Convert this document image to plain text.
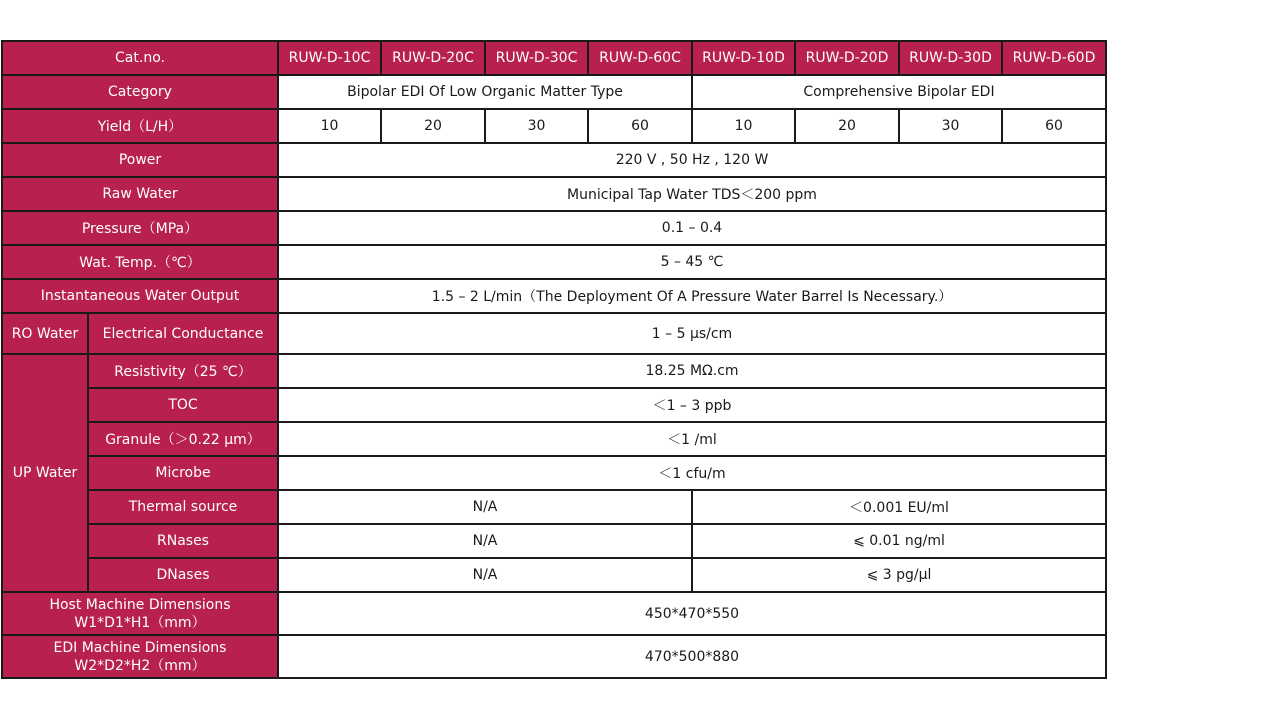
Cat.no.		RUW-D-10C	RUW-D-20C	RUW-D-30C	RUW-D-60C	RUW-D-10D	RUW-D-20D	RUW-D-30D	RUW-D-60D
Category		Bipolar EDI Of Low Organic Matter Type				Comprehensive Bipolar EDI			
Yield（L/H）		10	20	30	60	10	20	30	60
Power		220 V , 50 Hz , 120 W							
Raw Water		Municipal Tap Water TDS＜200 ppm							
Pressure（MPa）		0.1 – 0.4							
Wat. Temp.（℃）		5 – 45 ℃							
Instantaneous Water Output		1.5 – 2 L/min（The Deployment Of A Pressure Water Barrel Is Necessary.）							
RO Water	Electrical Conductance	1 – 5 μs/cm							
UP Water	Resistivity（25 ℃）	18.25 MΩ.cm							
	TOC	＜1 – 3 ppb							
	Granule（＞0.22 μm）	＜1 /ml							
	Microbe	＜1 cfu/m							
	Thermal source	N/A				＜0.001 EU/ml			
	RNases	N/A				⩽ 0.01 ng/ml			
	DNases	N/A				⩽ 3 pg/μl			

Host Machine Dimensions
W1*D1*H1（mm）		450*470*550							

EDI Machine Dimensions
W2*D2*H2（mm）		470*500*880							
